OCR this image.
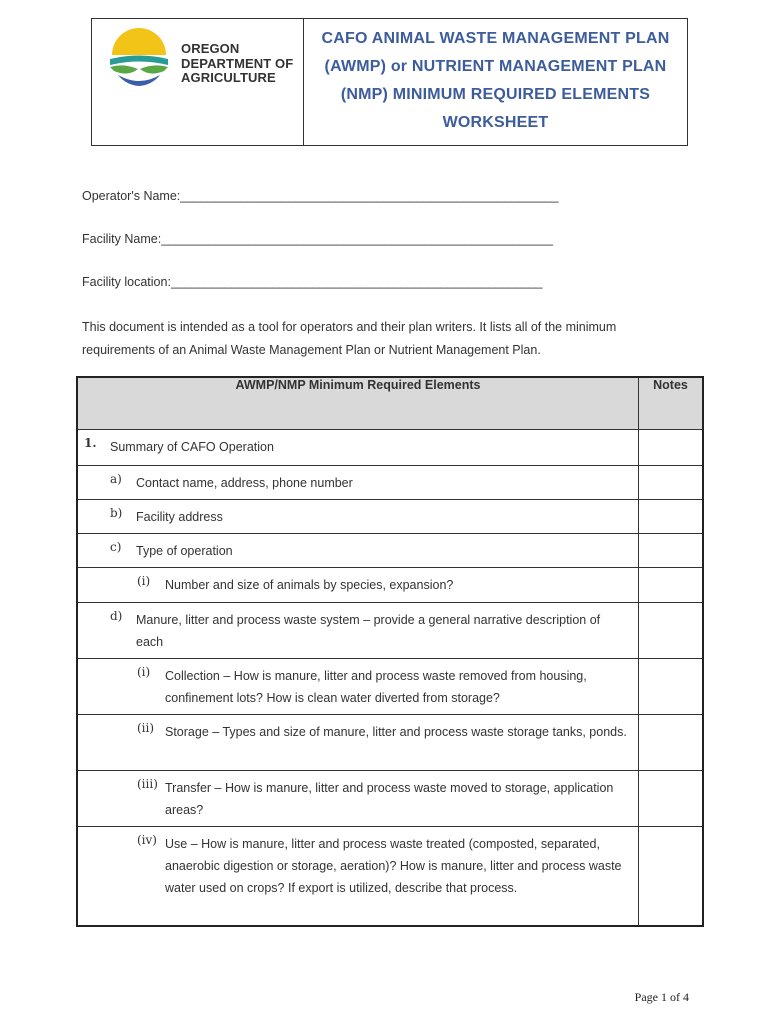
OREGON
DEPARTMENT OF
AGRICULTURE
CAFO ANIMAL WASTE MANAGEMENT PLAN
(AWMP) or NUTRIENT MANAGEMENT PLAN
(NMP) MINIMUM REQUIRED ELEMENTS
WORKSHEET
Operator's Name:________________________________________________________
Facility Name:__________________________________________________________
Facility location:_______________________________________________________
This document is intended as a tool for operators and their plan writers. It lists all of the minimum
requirements of an Animal Waste Management Plan or Nutrient Management Plan.
AWMP/NMP Minimum Required Elements	Notes

1. Summary of CAFO Operation	

a) Contact name, address, phone number	

b) Facility address	

c) Type of operation	

(i) Number and size of animals by species, expansion?	

d) Manure, litter and process waste system – provide a general narrative description of each	

(i) Collection – How is manure, litter and process waste removed from housing, confinement lots? How is clean water diverted from storage?	

(ii) Storage – Types and size of manure, litter and process waste storage tanks, ponds.	

(iii) Transfer – How is manure, litter and process waste moved to storage, application areas?	

(iv) Use – How is manure, litter and process waste treated (composted, separated, anaerobic digestion or storage, aeration)? How is manure, litter and process waste water used on crops? If export is utilized, describe that process.	

Page 1 of 4
